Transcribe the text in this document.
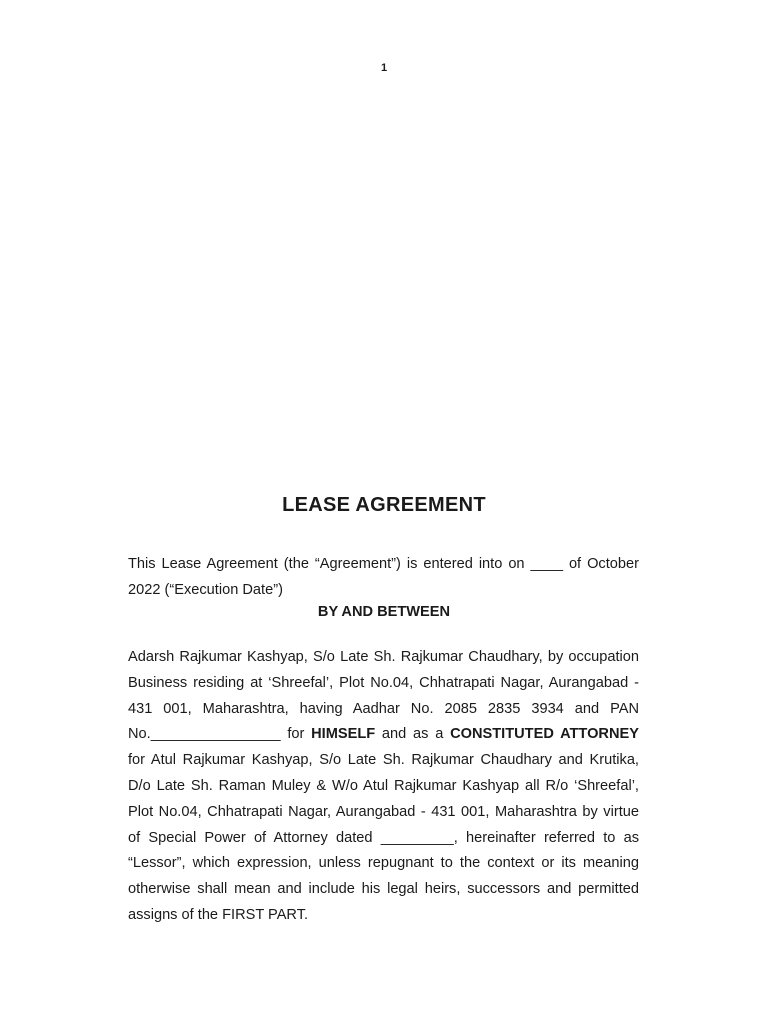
1
LEASE AGREEMENT
This Lease Agreement (the “Agreement”) is entered into on ____ of October 2022 (“Execution Date”)
BY AND BETWEEN
Adarsh Rajkumar Kashyap, S/o Late Sh. Rajkumar Chaudhary, by occupation Business residing at ‘Shreefal’, Plot No.04, Chhatrapati Nagar, Aurangabad - 431 001, Maharashtra, having Aadhar No. 2085 2835 3934 and PAN No.________________ for HIMSELF and as a CONSTITUTED ATTORNEY for Atul Rajkumar Kashyap, S/o Late Sh. Rajkumar Chaudhary and Krutika, D/o Late Sh. Raman Muley & W/o Atul Rajkumar Kashyap all R/o ‘Shreefal’, Plot No.04, Chhatrapati Nagar, Aurangabad - 431 001, Maharashtra by virtue of Special Power of Attorney dated _________, hereinafter referred to as “Lessor”, which expression, unless repugnant to the context or its meaning otherwise shall mean and include his legal heirs, successors and permitted assigns of the FIRST PART.
